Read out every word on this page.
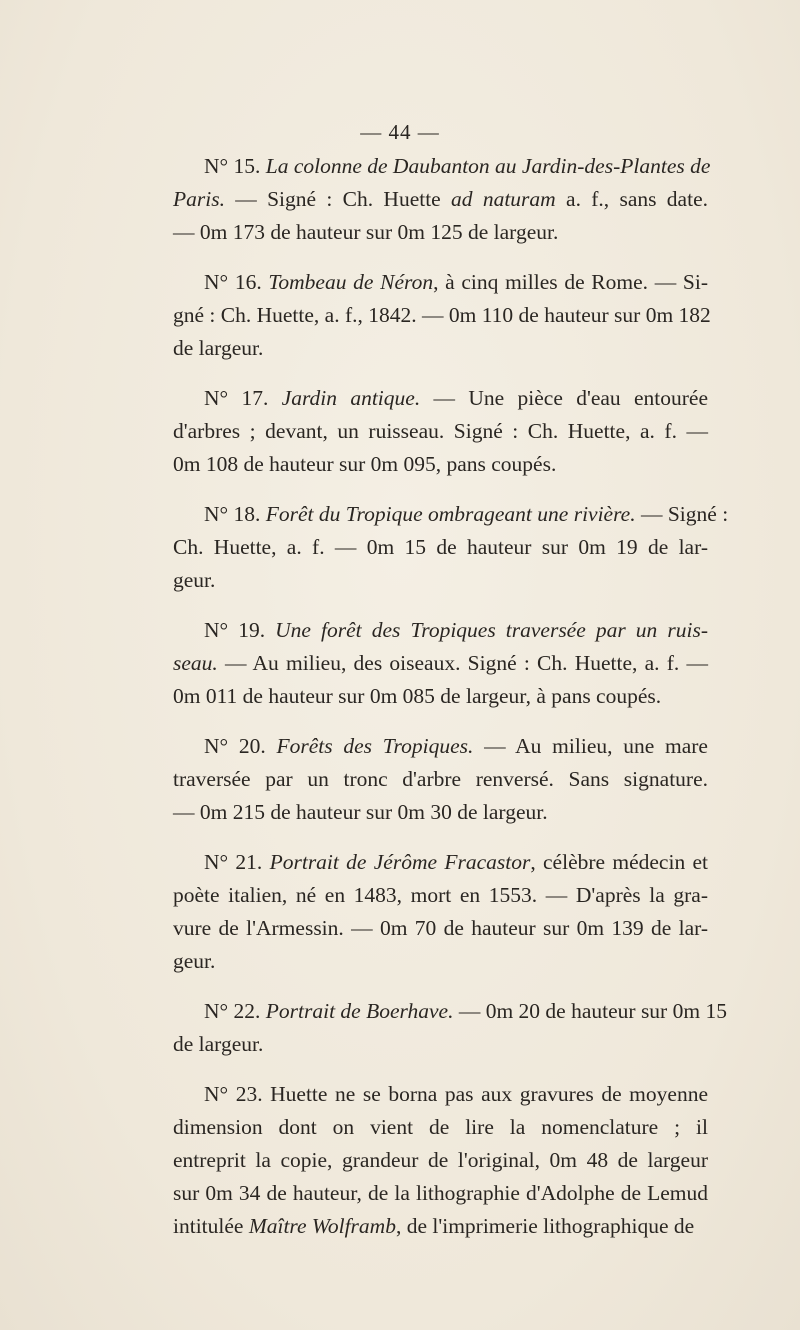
— 44 —
N° 15. La colonne de Daubanton au Jardin-des-Plantes de
Paris. — Signé : Ch. Huette ad naturam a. f., sans date.
— 0m 173 de hauteur sur 0m 125 de largeur.
N° 16. Tombeau de Néron, à cinq milles de Rome. — Si-
gné : Ch. Huette, a. f., 1842. — 0m 110 de hauteur sur 0m 182
de largeur.
N° 17. Jardin antique. — Une pièce d'eau entourée
d'arbres ; devant, un ruisseau. Signé : Ch. Huette, a. f. —
0m 108 de hauteur sur 0m 095, pans coupés.
N° 18. Forêt du Tropique ombrageant une rivière. — Signé :
Ch. Huette, a. f. — 0m 15 de hauteur sur 0m 19 de lar-
geur.
N° 19. Une forêt des Tropiques traversée par un ruis-
seau. — Au milieu, des oiseaux. Signé : Ch. Huette, a. f. —
0m 011 de hauteur sur 0m 085 de largeur, à pans coupés.
N° 20. Forêts des Tropiques. — Au milieu, une mare
traversée par un tronc d'arbre renversé. Sans signature.
— 0m 215 de hauteur sur 0m 30 de largeur.
N° 21. Portrait de Jérôme Fracastor, célèbre médecin et
poète italien, né en 1483, mort en 1553. — D'après la gra-
vure de l'Armessin. — 0m 70 de hauteur sur 0m 139 de lar-
geur.
N° 22. Portrait de Boerhave. — 0m 20 de hauteur sur 0m 15
de largeur.
N° 23. Huette ne se borna pas aux gravures de moyenne
dimension dont on vient de lire la nomenclature ; il
entreprit la copie, grandeur de l'original, 0m 48 de largeur
sur 0m 34 de hauteur, de la lithographie d'Adolphe de Lemud
intitulée Maître Wolframb, de l'imprimerie lithographique de
